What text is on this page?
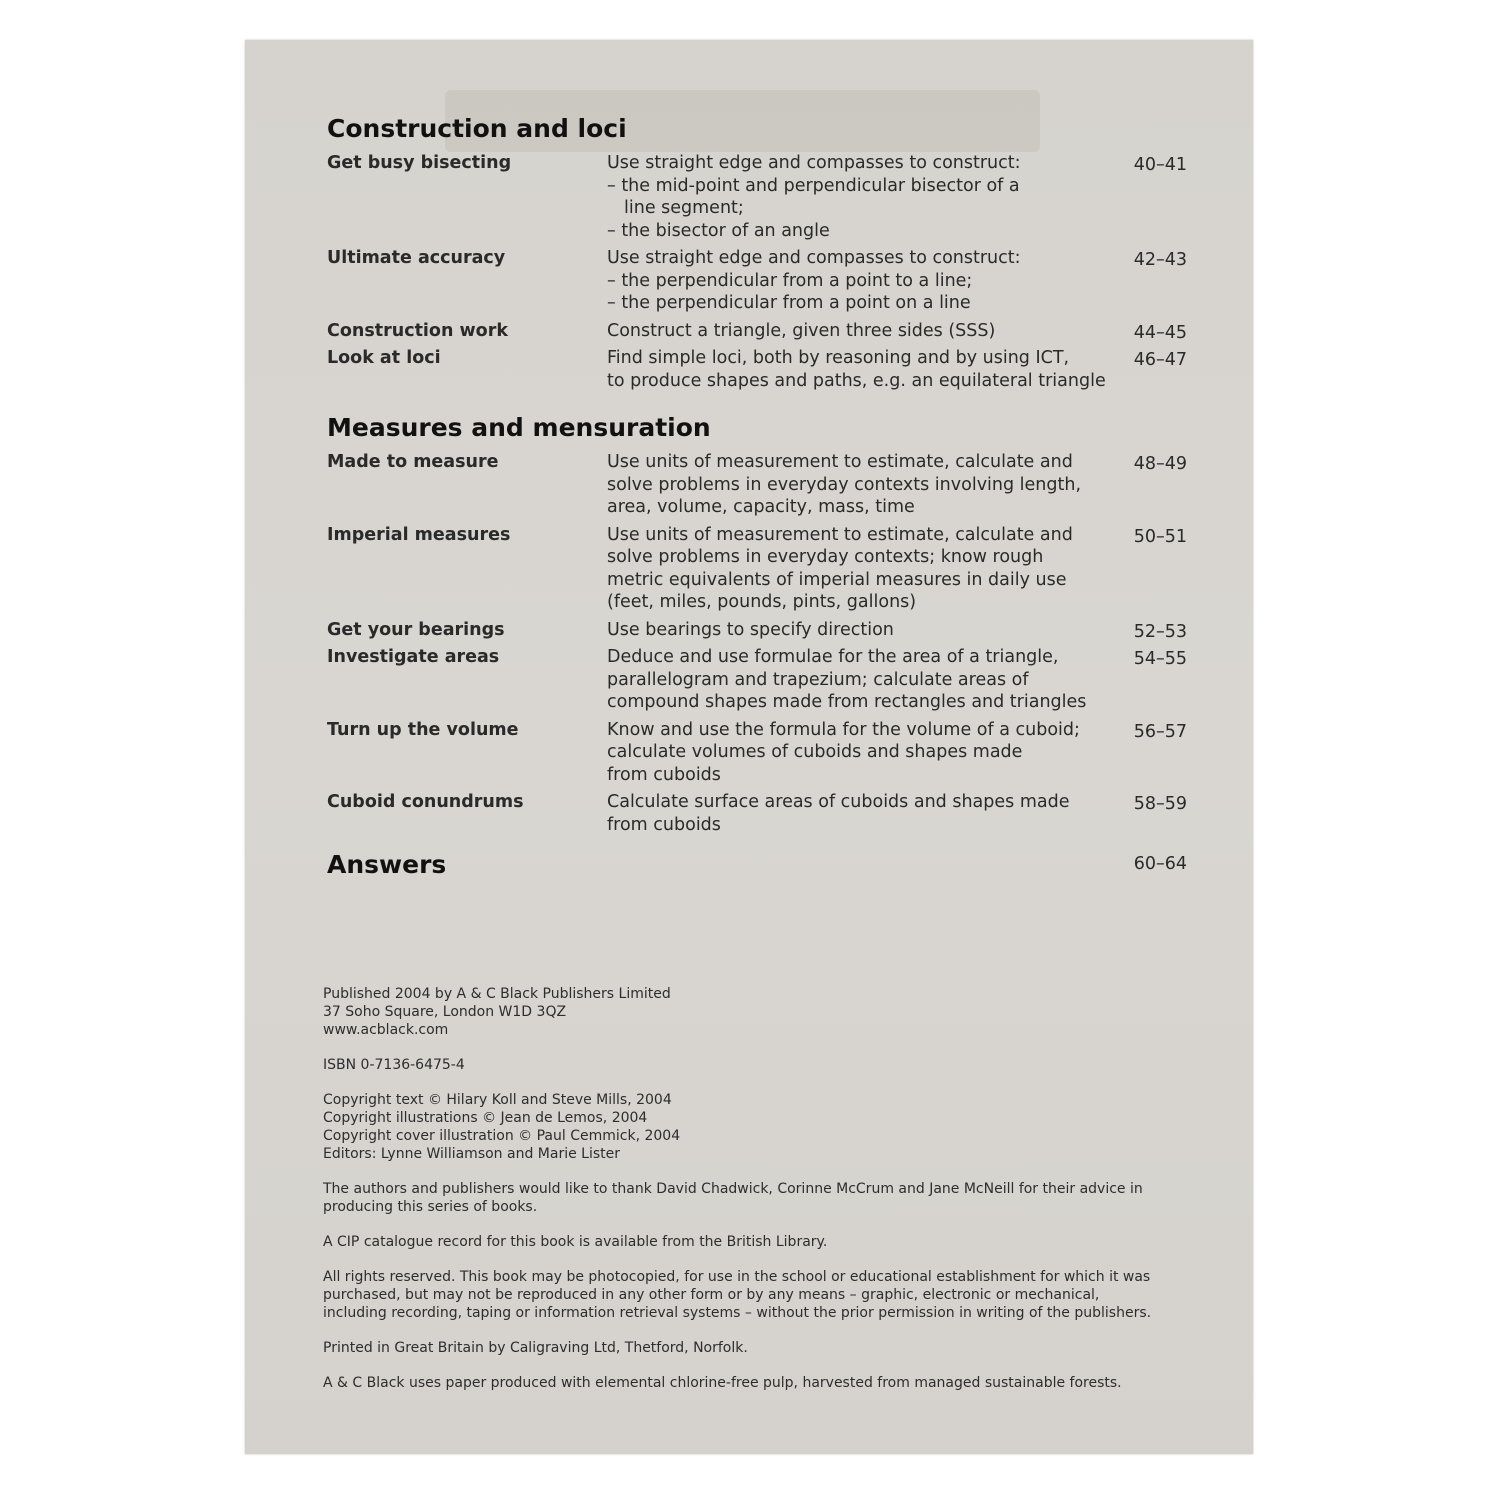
Construction and loci
Get busy bisecting	Use straight edge and compasses to construct:
– the mid-point and perpendicular bisector of a
line segment;
– the bisector of an angle
40–41
Ultimate accuracy	Use straight edge and compasses to construct:
– the perpendicular from a point to a line;
– the perpendicular from a point on a line
42–43
Construction work	Construct a triangle, given three sides (SSS)	44–45
Look at loci	Find simple loci, both by reasoning and by using ICT,
to produce shapes and paths, e.g. an equilateral triangle
46–47
Measures and mensuration
Made to measure	Use units of measurement to estimate, calculate and
solve problems in everyday contexts involving length,
area, volume, capacity, mass, time
48–49
Imperial measures	Use units of measurement to estimate, calculate and
solve problems in everyday contexts; know rough
metric equivalents of imperial measures in daily use
(feet, miles, pounds, pints, gallons)
50–51
Get your bearings	Use bearings to specify direction	52–53
Investigate areas	Deduce and use formulae for the area of a triangle,
parallelogram and trapezium; calculate areas of
compound shapes made from rectangles and triangles
54–55
Turn up the volume	Know and use the formula for the volume of a cuboid;
calculate volumes of cuboids and shapes made
from cuboids
56–57
Cuboid conundrums	Calculate surface areas of cuboids and shapes made
from cuboids
58–59
Answers	60–64

Published 2004 by A & C Black Publishers Limited
37 Soho Square, London W1D 3QZ
www.acblack.com

ISBN 0-7136-6475-4

Copyright text © Hilary Koll and Steve Mills, 2004
Copyright illustrations © Jean de Lemos, 2004
Copyright cover illustration © Paul Cemmick, 2004
Editors: Lynne Williamson and Marie Lister

The authors and publishers would like to thank David Chadwick, Corinne McCrum and Jane McNeill for their advice in
producing this series of books.

A CIP catalogue record for this book is available from the British Library.

All rights reserved. This book may be photocopied, for use in the school or educational establishment for which it was
purchased, but may not be reproduced in any other form or by any means – graphic, electronic or mechanical,
including recording, taping or information retrieval systems – without the prior permission in writing of the publishers.

Printed in Great Britain by Caligraving Ltd, Thetford, Norfolk.

A & C Black uses paper produced with elemental chlorine-free pulp, harvested from managed sustainable forests.
